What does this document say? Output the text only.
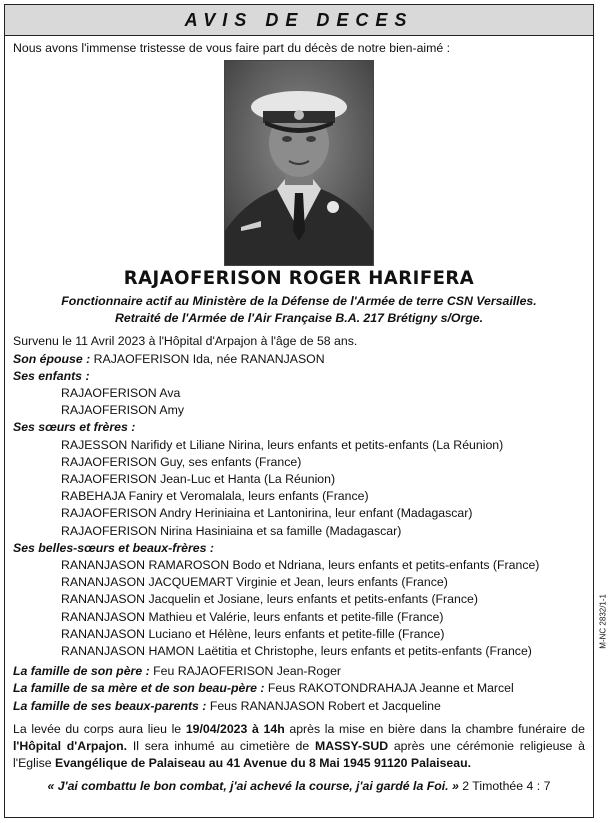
AVIS DE DECES
Nous avons l'immense tristesse de vous faire part du décès de notre bien-aimé :
RAJAOFERISON ROGER HARIFERA
Fonctionnaire actif au Ministère de la Défense de l'Armée de terre CSN Versailles.
Retraité de l'Armée de l'Air Française B.A. 217 Brétigny s/Orge.
Survenu le 11 Avril 2023 à l'Hôpital d'Arpajon à l'âge de 58 ans.
Son épouse : RAJAOFERISON Ida, née RANANJASON
Ses enfants :
RAJAOFERISON Ava
RAJAOFERISON Amy
Ses sœurs et frères :
RAJESSON Narifidy et Liliane Nirina, leurs enfants et petits-enfants (La Réunion)
RAJAOFERISON Guy, ses enfants (France)
RAJAOFERISON Jean-Luc et Hanta (La Réunion)
RABEHAJA Faniry et Veromalala, leurs enfants (France)
RAJAOFERISON Andry Heriniaina et Lantonirina, leur enfant (Madagascar)
RAJAOFERISON Nirina Hasiniaina et sa famille (Madagascar)
Ses belles-sœurs et beaux-frères :
RANANJASON RAMAROSON Bodo et Ndriana, leurs enfants et petits-enfants (France)
RANANJASON JACQUEMART Virginie et Jean, leurs enfants (France)
RANANJASON Jacquelin et Josiane, leurs enfants et petits-enfants (France)
RANANJASON Mathieu et Valérie, leurs enfants et petite-fille (France)
RANANJASON Luciano et Hélène, leurs enfants et petite-fille (France)
RANANJASON HAMON Laëtitia et Christophe, leurs enfants et petits-enfants (France)
La famille de son père : Feu RAJAOFERISON Jean-Roger
La famille de sa mère et de son beau-père : Feus RAKOTONDRAHAJA Jeanne et Marcel
La famille de ses beaux-parents : Feus RANANJASON Robert et Jacqueline
La levée du corps aura lieu le 19/04/2023 à 14h après la mise en bière dans la chambre funéraire de l'Hôpital d'Arpajon. Il sera inhumé au cimetière de MASSY-SUD après une cérémonie religieuse à l'Eglise Evangélique de Palaiseau au 41 Avenue du 8 Mai 1945 91120 Palaiseau.
« J'ai combattu le bon combat, j'ai achevé la course, j'ai gardé la Foi. » 2 Timothée 4 : 7
M-NC 2832/1-1
